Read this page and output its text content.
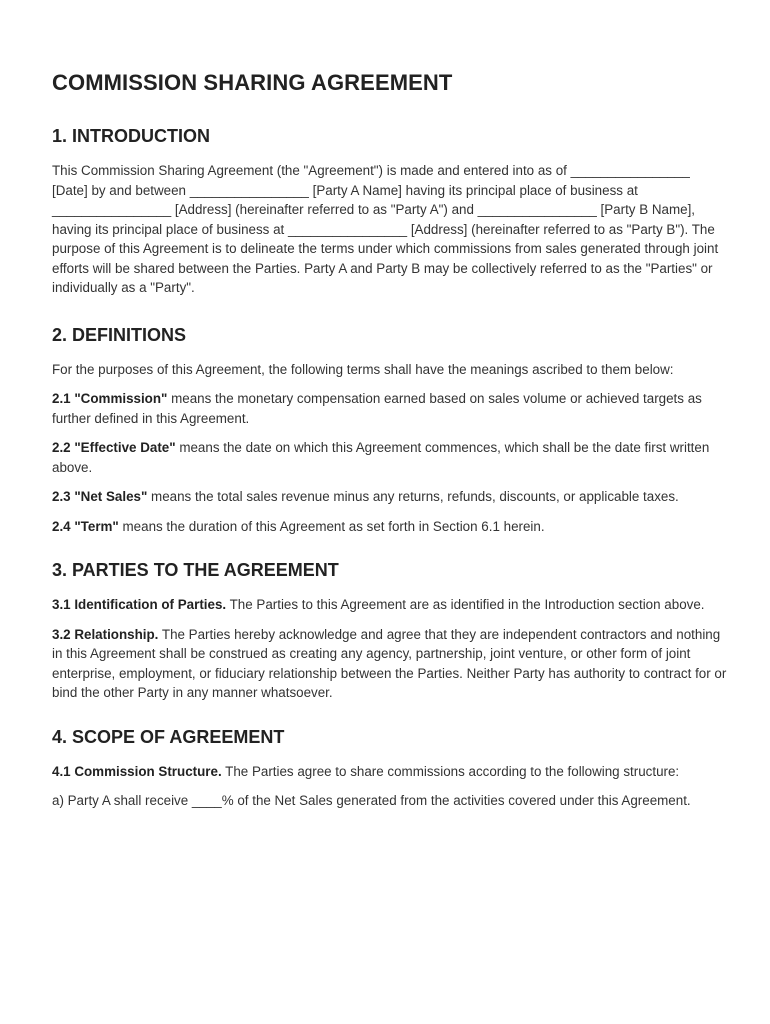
COMMISSION SHARING AGREEMENT
1. INTRODUCTION

This Commission Sharing Agreement (the "Agreement") is made and entered into as of ________________ [Date] by and between ________________ [Party A Name] having its principal place of business at ________________ [Address] (hereinafter referred to as "Party A") and ________________ [Party B Name], having its principal place of business at ________________ [Address] (hereinafter referred to as "Party B"). The purpose of this Agreement is to delineate the terms under which commissions from sales generated through joint efforts will be shared between the Parties. Party A and Party B may be collectively referred to as the "Parties" or individually as a "Party".

2. DEFINITIONS

For the purposes of this Agreement, the following terms shall have the meanings ascribed to them below:

2.1 "Commission" means the monetary compensation earned based on sales volume or achieved targets as further defined in this Agreement.

2.2 "Effective Date" means the date on which this Agreement commences, which shall be the date first written above.

2.3 "Net Sales" means the total sales revenue minus any returns, refunds, discounts, or applicable taxes.

2.4 "Term" means the duration of this Agreement as set forth in Section 6.1 herein.

3. PARTIES TO THE AGREEMENT

3.1 Identification of Parties. The Parties to this Agreement are as identified in the Introduction section above.

3.2 Relationship. The Parties hereby acknowledge and agree that they are independent contractors and nothing in this Agreement shall be construed as creating any agency, partnership, joint venture, or other form of joint enterprise, employment, or fiduciary relationship between the Parties. Neither Party has authority to contract for or bind the other Party in any manner whatsoever.

4. SCOPE OF AGREEMENT

4.1 Commission Structure. The Parties agree to share commissions according to the following structure:

a) Party A shall receive ____% of the Net Sales generated from the activities covered under this Agreement.
